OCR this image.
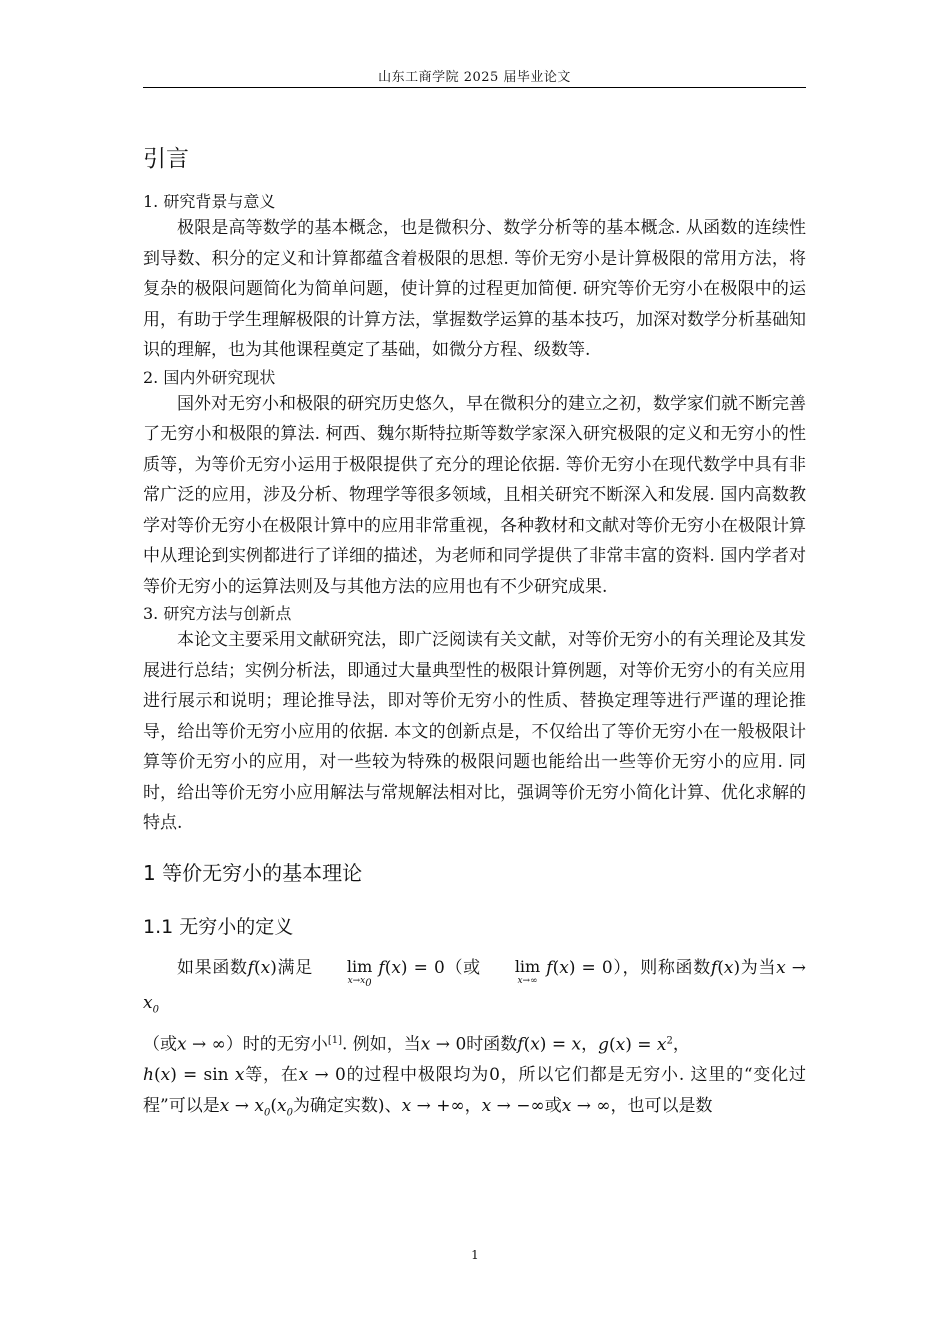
山东工商学院 2025 届毕业论文
引言
1. 研究背景与意义

极限是高等数学的基本概念，也是微积分、数学分析等的基本概念. 从函数的连续性到导数、积分的定义和计算都蕴含着极限的思想. 等价无穷小是计算极限的常用方法，将复杂的极限问题简化为简单问题，使计算的过程更加简便. 研究等价无穷小在极限中的运用，有助于学生理解极限的计算方法，掌握数学运算的基本技巧，加深对数学分析基础知识的理解，也为其他课程奠定了基础，如微分方程、级数等.

2. 国内外研究现状

国外对无穷小和极限的研究历史悠久，早在微积分的建立之初，数学家们就不断完善了无穷小和极限的算法. 柯西、魏尔斯特拉斯等数学家深入研究极限的定义和无穷小的性质等，为等价无穷小运用于极限提供了充分的理论依据. 等价无穷小在现代数学中具有非常广泛的应用，涉及分析、物理学等很多领域，且相关研究不断深入和发展. 国内高数教学对等价无穷小在极限计算中的应用非常重视，各种教材和文献对等价无穷小在极限计算中从理论到实例都进行了详细的描述，为老师和同学提供了非常丰富的资料. 国内学者对等价无穷小的运算法则及与其他方法的应用也有不少研究成果.

3. 研究方法与创新点

本论文主要采用文献研究法，即广泛阅读有关文献，对等价无穷小的有关理论及其发展进行总结；实例分析法，即通过大量典型性的极限计算例题，对等价无穷小的有关应用进行展示和说明；理论推导法，即对等价无穷小的性质、替换定理等进行严谨的理论推导，给出等价无穷小应用的依据. 本文的创新点是，不仅给出了等价无穷小在一般极限计算等价无穷小的应用，对一些较为特殊的极限问题也能给出一些等价无穷小的应用. 同时，给出等价无穷小应用解法与常规解法相对比，强调等价无穷小简化计算、优化求解的特点.

1 等价无穷小的基本理论
1.1 无穷小的定义

如果函数f(x)满足	lim
$x\to x_0$
f(x) = 0（或	lim
x→∞
f(x) = 0），则称函数f(x)为当$x \to x_0$
（或x → ∞）时的无穷小[1]. 例如，当x → 0时函数f(x) = x，$g(x) = x^2$，
h(x) = sin x等，在x → 0的过程中极限均为0，所以它们都是无穷小. 这里的“变化过程”可以是$x \to x_0(x_0$为确定实数)、x → +∞，x → −∞或x → ∞，也可以是数

1
